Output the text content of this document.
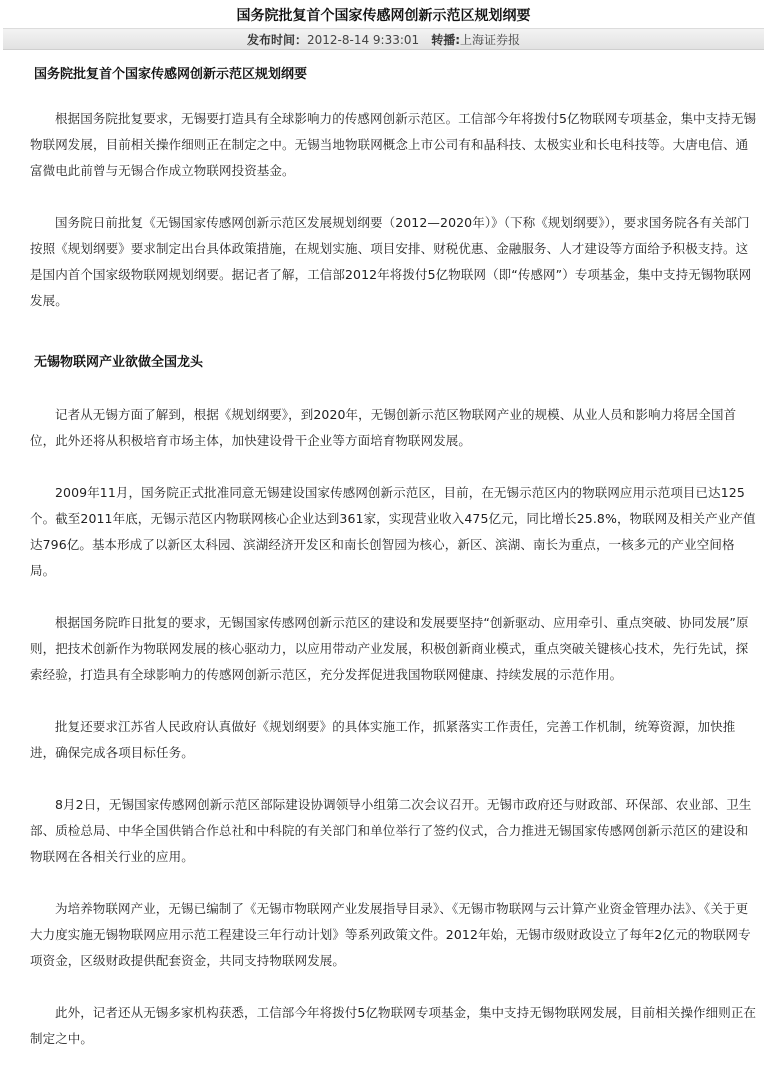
国务院批复首个国家传感网创新示范区规划纲要
发布时间：2012-8-14 9:33:01 转播:上海证券报
国务院批复首个国家传感网创新示范区规划纲要

根据国务院批复要求，无锡要打造具有全球影响力的传感网创新示范区。工信部今年将拨付5亿物联网专项基金，集中支持无锡物联网发展，目前相关操作细则正在制定之中。无锡当地物联网概念上市公司有和晶科技、太极实业和长电科技等。大唐电信、通富微电此前曾与无锡合作成立物联网投资基金。

国务院日前批复《无锡国家传感网创新示范区发展规划纲要（2012—2020年）》（下称《规划纲要》），要求国务院各有关部门按照《规划纲要》要求制定出台具体政策措施，在规划实施、项目安排、财税优惠、金融服务、人才建设等方面给予积极支持。这是国内首个国家级物联网规划纲要。据记者了解，工信部2012年将拨付5亿物联网（即“传感网”）专项基金，集中支持无锡物联网发展。

无锡物联网产业欲做全国龙头

记者从无锡方面了解到，根据《规划纲要》，到2020年，无锡创新示范区物联网产业的规模、从业人员和影响力将居全国首位，此外还将从积极培育市场主体，加快建设骨干企业等方面培育物联网发展。

2009年11月，国务院正式批准同意无锡建设国家传感网创新示范区，目前，在无锡示范区内的物联网应用示范项目已达125个。截至2011年底，无锡示范区内物联网核心企业达到361家，实现营业收入475亿元，同比增长25.8%，物联网及相关产业产值达796亿。基本形成了以新区太科园、滨湖经济开发区和南长创智园为核心，新区、滨湖、南长为重点，一核多元的产业空间格局。

根据国务院昨日批复的要求，无锡国家传感网创新示范区的建设和发展要坚持“创新驱动、应用牵引、重点突破、协同发展”原则，把技术创新作为物联网发展的核心驱动力，以应用带动产业发展，积极创新商业模式，重点突破关键核心技术，先行先试，探索经验，打造具有全球影响力的传感网创新示范区，充分发挥促进我国物联网健康、持续发展的示范作用。

批复还要求江苏省人民政府认真做好《规划纲要》的具体实施工作，抓紧落实工作责任，完善工作机制，统筹资源，加快推进，确保完成各项目标任务。

8月2日，无锡国家传感网创新示范区部际建设协调领导小组第二次会议召开。无锡市政府还与财政部、环保部、农业部、卫生部、质检总局、中华全国供销合作总社和中科院的有关部门和单位举行了签约仪式，合力推进无锡国家传感网创新示范区的建设和物联网在各相关行业的应用。

为培养物联网产业，无锡已编制了《无锡市物联网产业发展指导目录》、《无锡市物联网与云计算产业资金管理办法》、《关于更大力度实施无锡物联网应用示范工程建设三年行动计划》等系列政策文件。2012年始，无锡市级财政设立了每年2亿元的物联网专项资金，区级财政提供配套资金，共同支持物联网发展。

此外，记者还从无锡多家机构获悉，工信部今年将拨付5亿物联网专项基金，集中支持无锡物联网发展，目前相关操作细则正在制定之中。
